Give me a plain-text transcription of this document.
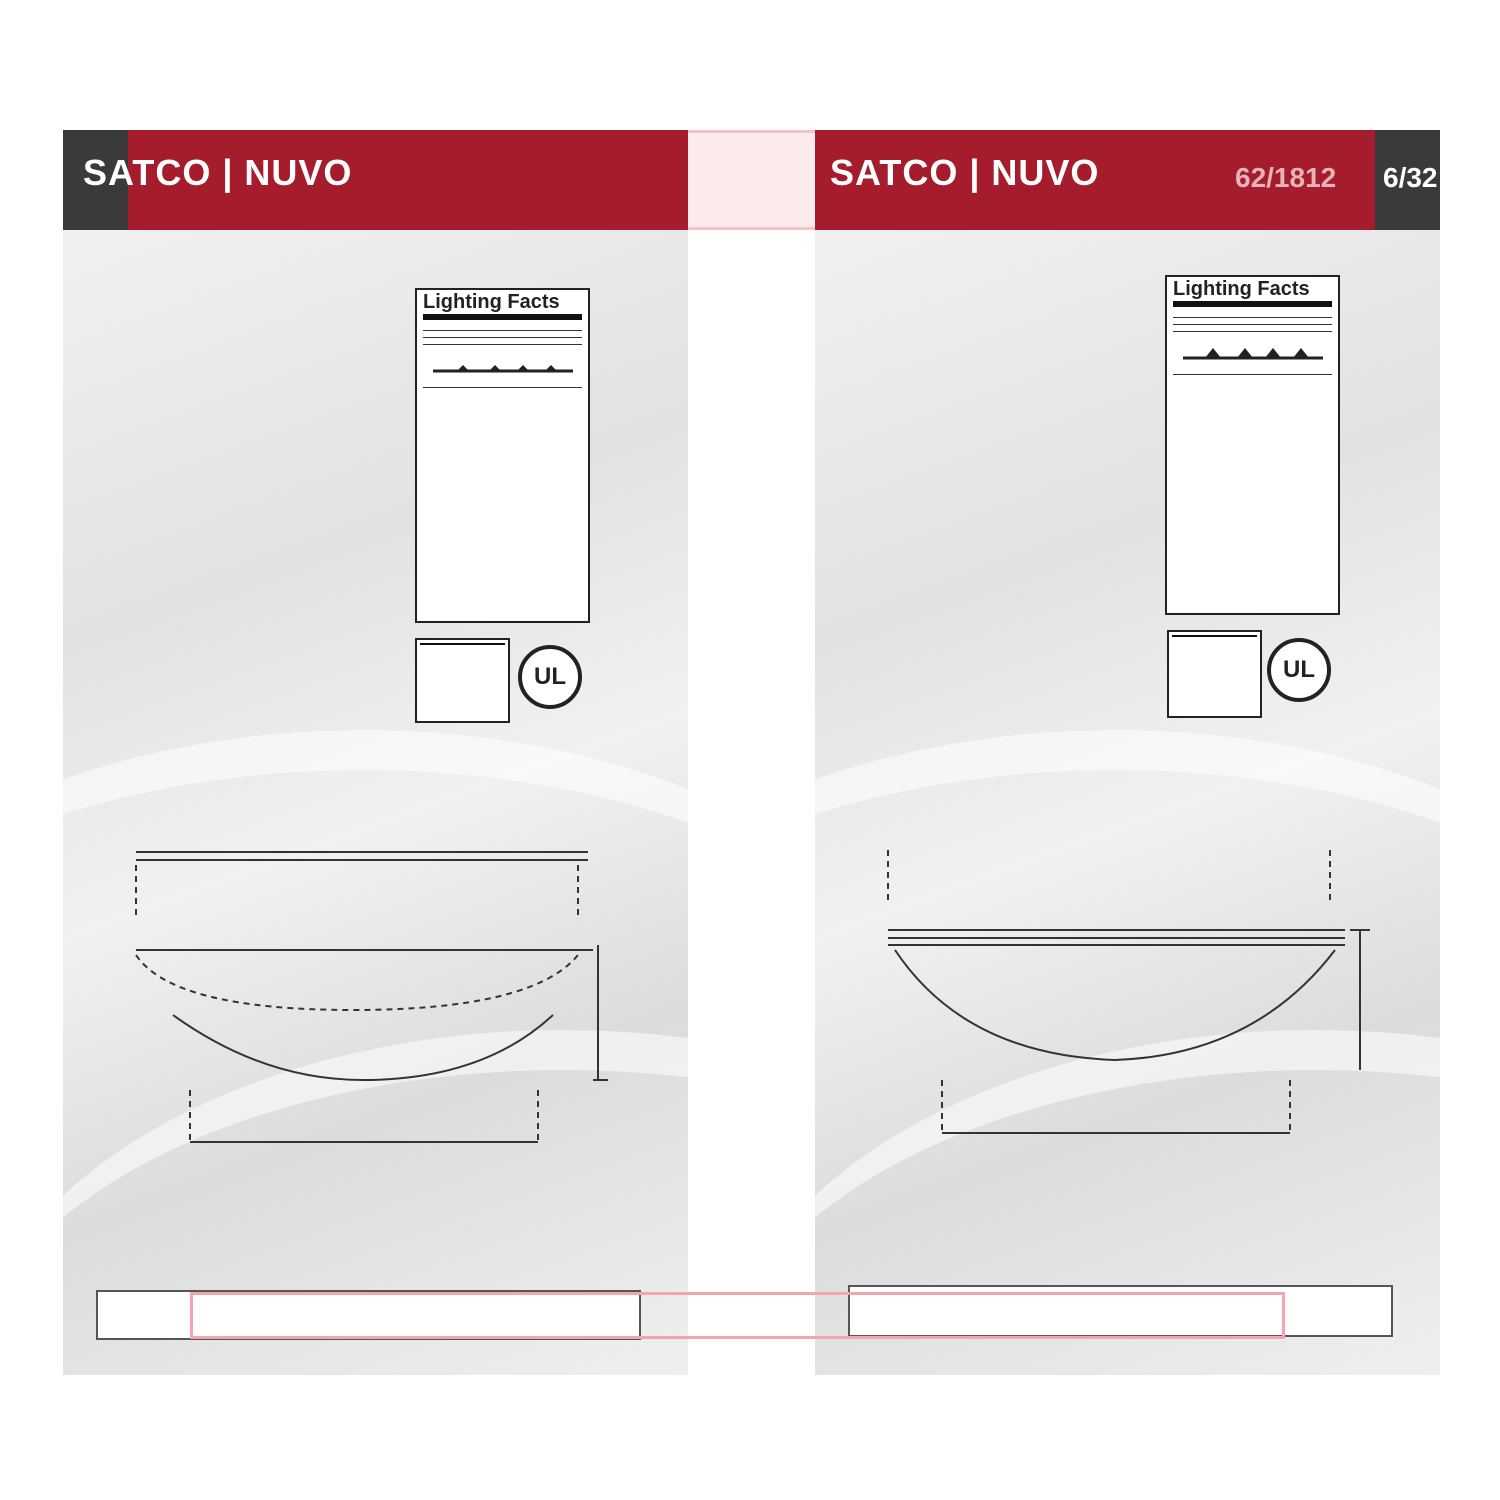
SATCO | NUVO
Lighting Facts
UL
SATCO | NUVO	62/1812 6/32
Lighting Facts
UL
